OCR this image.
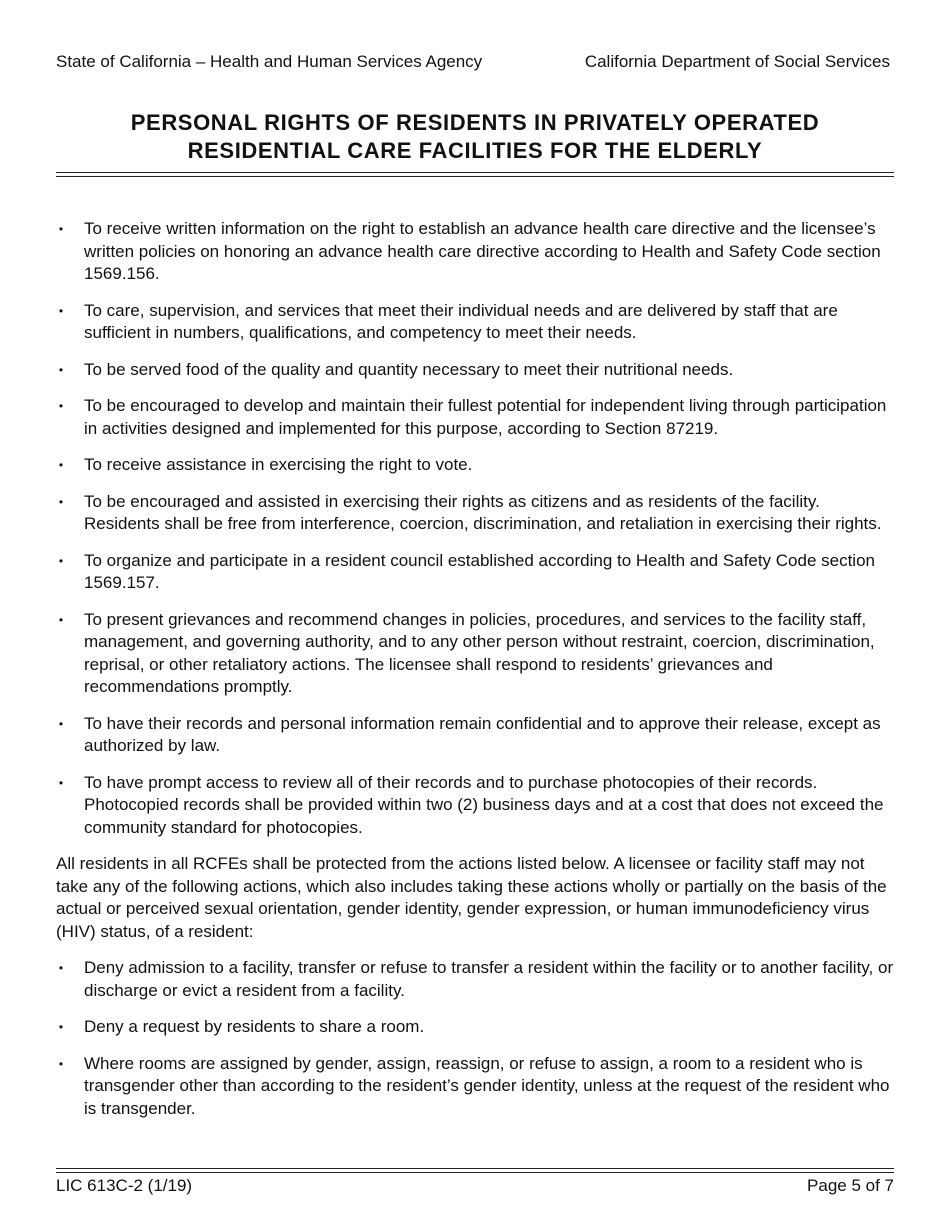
State of California – Health and Human Services Agency	California Department of Social Services
PERSONAL RIGHTS OF RESIDENTS IN PRIVATELY OPERATED
RESIDENTIAL CARE FACILITIES FOR THE ELDERLY
• To receive written information on the right to establish an advance health care directive and the licensee’s written policies on honoring an advance health care directive according to Health and Safety Code section 1569.156.
• To care, supervision, and services that meet their individual needs and are delivered by staff that are sufficient in numbers, qualifications, and competency to meet their needs.
• To be served food of the quality and quantity necessary to meet their nutritional needs.
• To be encouraged to develop and maintain their fullest potential for independent living through participation in activities designed and implemented for this purpose, according to Section 87219.
• To receive assistance in exercising the right to vote.
• To be encouraged and assisted in exercising their rights as citizens and as residents of the facility. Residents shall be free from interference, coercion, discrimination, and retaliation in exercising their rights.
• To organize and participate in a resident council established according to Health and Safety Code section 1569.157.
• To present grievances and recommend changes in policies, procedures, and services to the facility staff, management, and governing authority, and to any other person without restraint, coercion, discrimination, reprisal, or other retaliatory actions. The licensee shall respond to residents’ grievances and recommendations promptly.
• To have their records and personal information remain confidential and to approve their release, except as authorized by law.
• To have prompt access to review all of their records and to purchase photocopies of their records. Photocopied records shall be provided within two (2) business days and at a cost that does not exceed the community standard for photocopies.

All residents in all RCFEs shall be protected from the actions listed below. A licensee or facility staff may not take any of the following actions, which also includes taking these actions wholly or partially on the basis of the actual or perceived sexual orientation, gender identity, gender expression, or human immunodeficiency virus (HIV) status, of a resident:

• Deny admission to a facility, transfer or refuse to transfer a resident within the facility or to another facility, or discharge or evict a resident from a facility.
• Deny a request by residents to share a room.
• Where rooms are assigned by gender, assign, reassign, or refuse to assign, a room to a resident who is transgender other than according to the resident’s gender identity, unless at the request of the resident who is transgender.
LIC 613C-2 (1/19)	Page 5 of 7
